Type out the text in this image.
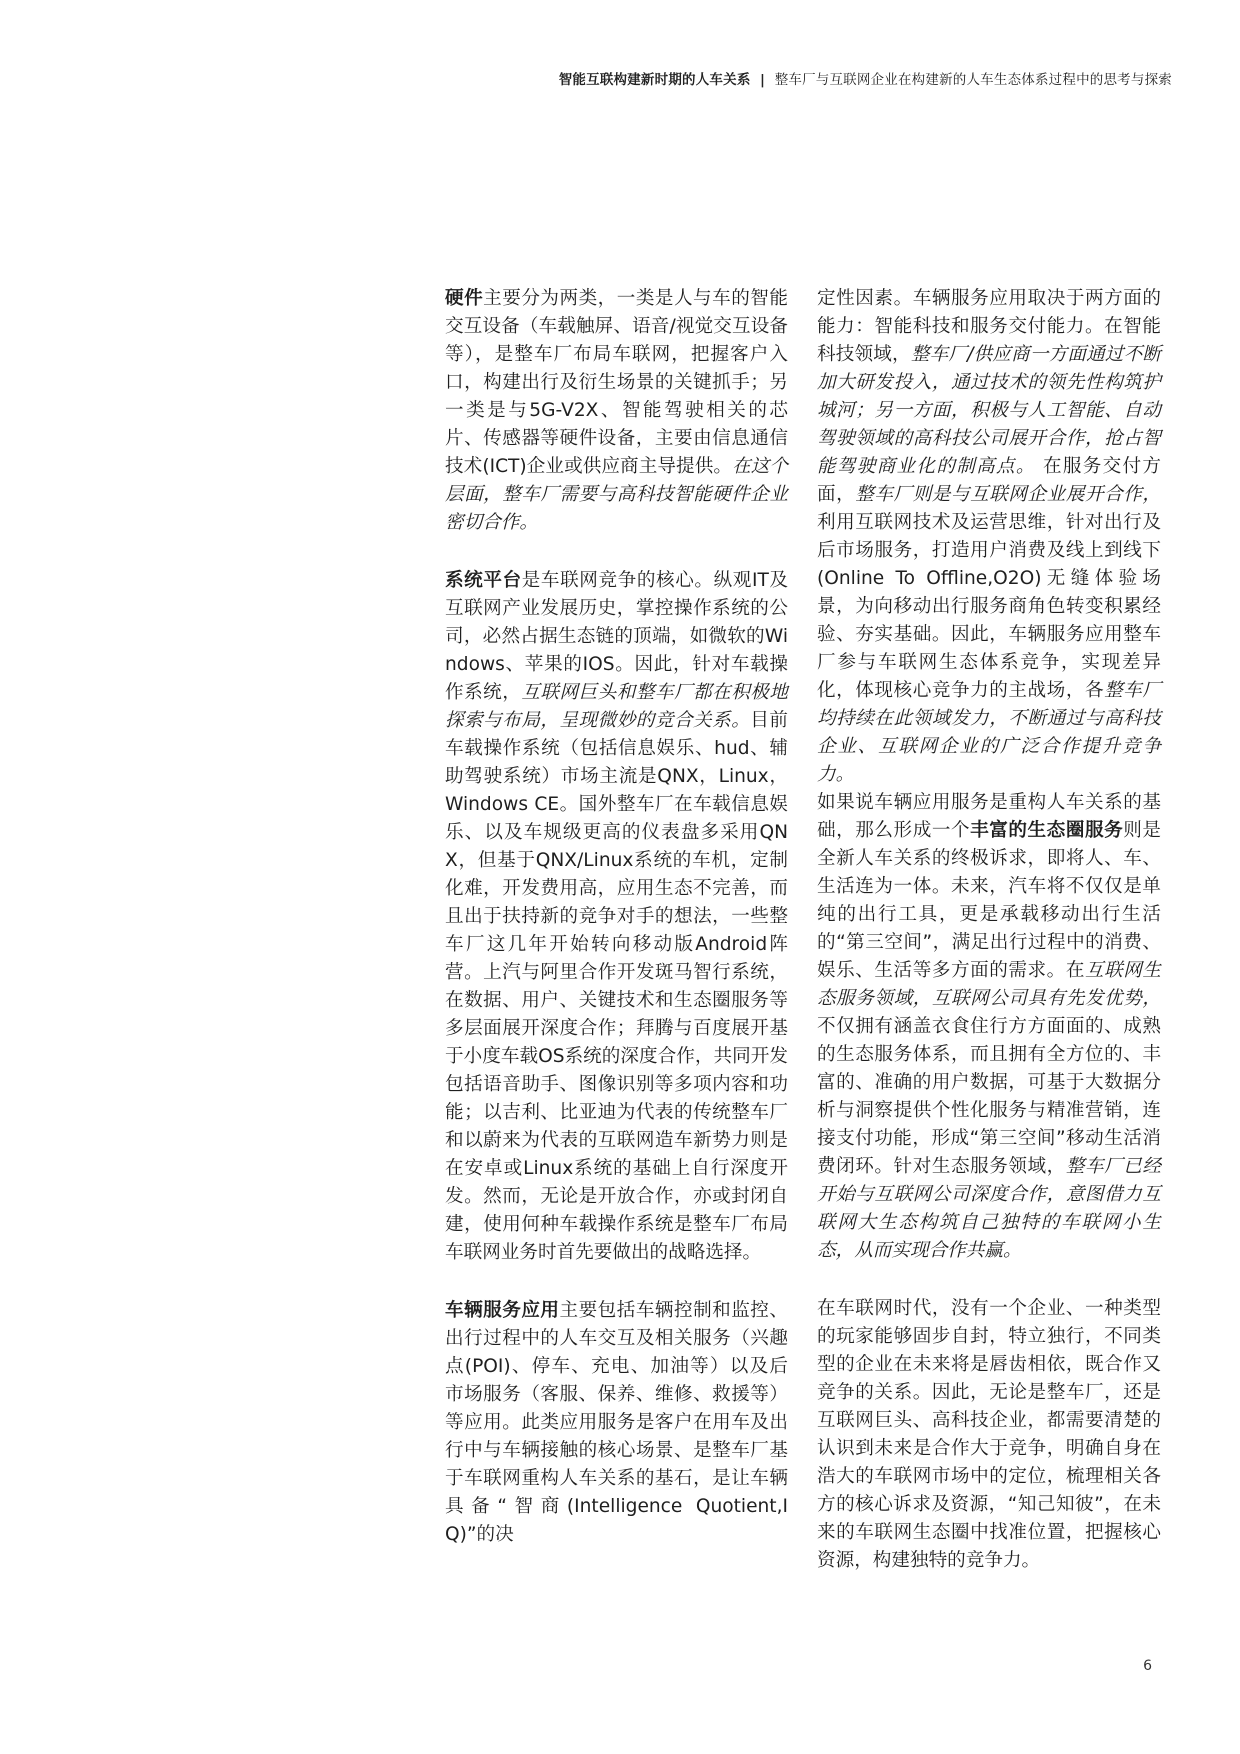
智能互联构建新时期的人车关系 | 整车厂与互联网企业在构建新的人车生态体系过程中的思考与探索

硬件主要分为两类，一类是人与车的智能交互设备（车载触屏、语音/视觉交互设备等），是整车厂布局车联网，把握客户入口，构建出行及衍生场景的关键抓手；另一类是与5G-V2X、智能驾驶相关的芯片、传感器等硬件设备，主要由信息通信技术(ICT)企业或供应商主导提供。在这个层面，整车厂需要与高科技智能硬件企业密切合作。

系统平台是车联网竞争的核心。纵观IT及互联网产业发展历史，掌控操作系统的公司，必然占据生态链的顶端，如微软的Windows、苹果的IOS。因此，针对车载操作系统，互联网巨头和整车厂都在积极地探索与布局，呈现微妙的竞合关系。目前车载操作系统（包括信息娱乐、hud、辅助驾驶系统）市场主流是QNX，Linux，Windows CE。国外整车厂在车载信息娱乐、以及车规级更高的仪表盘多采用QNX，但基于QNX/Linux系统的车机，定制化难，开发费用高，应用生态不完善，而且出于扶持新的竞争对手的想法，一些整车厂这几年开始转向移动版Android阵营。上汽与阿里合作开发斑马智行系统，在数据、用户、关键技术和生态圈服务等多层面展开深度合作；拜腾与百度展开基于小度车载OS系统的深度合作，共同开发包括语音助手、图像识别等多项内容和功能；以吉利、比亚迪为代表的传统整车厂和以蔚来为代表的互联网造车新势力则是在安卓或Linux系统的基础上自行深度开发。然而，无论是开放合作，亦或封闭自建，使用何种车载操作系统是整车厂布局车联网业务时首先要做出的战略选择。

车辆服务应用主要包括车辆控制和监控、出行过程中的人车交互及相关服务（兴趣点(POI)、停车、充电、加油等）以及后市场服务（客服、保养、维修、救援等）等应用。此类应用服务是客户在用车及出行中与车辆接触的核心场景、是整车厂基于车联网重构人车关系的基石，是让车辆具备“智商(Intelligence Quotient,IQ)”的决

定性因素。车辆服务应用取决于两方面的能力：智能科技和服务交付能力。在智能科技领域，整车厂/供应商一方面通过不断加大研发投入，通过技术的领先性构筑护城河；另一方面，积极与人工智能、自动驾驶领域的高科技公司展开合作，抢占智能驾驶商业化的制高点。 在服务交付方面，整车厂则是与互联网企业展开合作，利用互联网技术及运营思维，针对出行及后市场服务，打造用户消费及线上到线下(Online To Offline,O2O)无缝体验场景，为向移动出行服务商角色转变积累经验、夯实基础。因此，车辆服务应用整车厂参与车联网生态体系竞争，实现差异化，体现核心竞争力的主战场，各整车厂均持续在此领域发力，不断通过与高科技企业、互联网企业的广泛合作提升竞争力。

如果说车辆应用服务是重构人车关系的基础，那么形成一个丰富的生态圈服务则是全新人车关系的终极诉求，即将人、车、生活连为一体。未来，汽车将不仅仅是单纯的出行工具，更是承载移动出行生活的“第三空间”，满足出行过程中的消费、娱乐、生活等多方面的需求。在互联网生态服务领域，互联网公司具有先发优势，不仅拥有涵盖衣食住行方方面面的、成熟的生态服务体系，而且拥有全方位的、丰富的、准确的用户数据，可基于大数据分析与洞察提供个性化服务与精准营销，连接支付功能，形成“第三空间”移动生活消费闭环。针对生态服务领域，整车厂已经开始与互联网公司深度合作，意图借力互联网大生态构筑自己独特的车联网小生态，从而实现合作共赢。

在车联网时代，没有一个企业、一种类型的玩家能够固步自封，特立独行，不同类型的企业在未来将是唇齿相依，既合作又竞争的关系。因此，无论是整车厂，还是互联网巨头、高科技企业，都需要清楚的认识到未来是合作大于竞争，明确自身在浩大的车联网市场中的定位，梳理相关各方的核心诉求及资源，“知己知彼”，在未来的车联网生态圈中找准位置，把握核心资源，构建独特的竞争力。

6
